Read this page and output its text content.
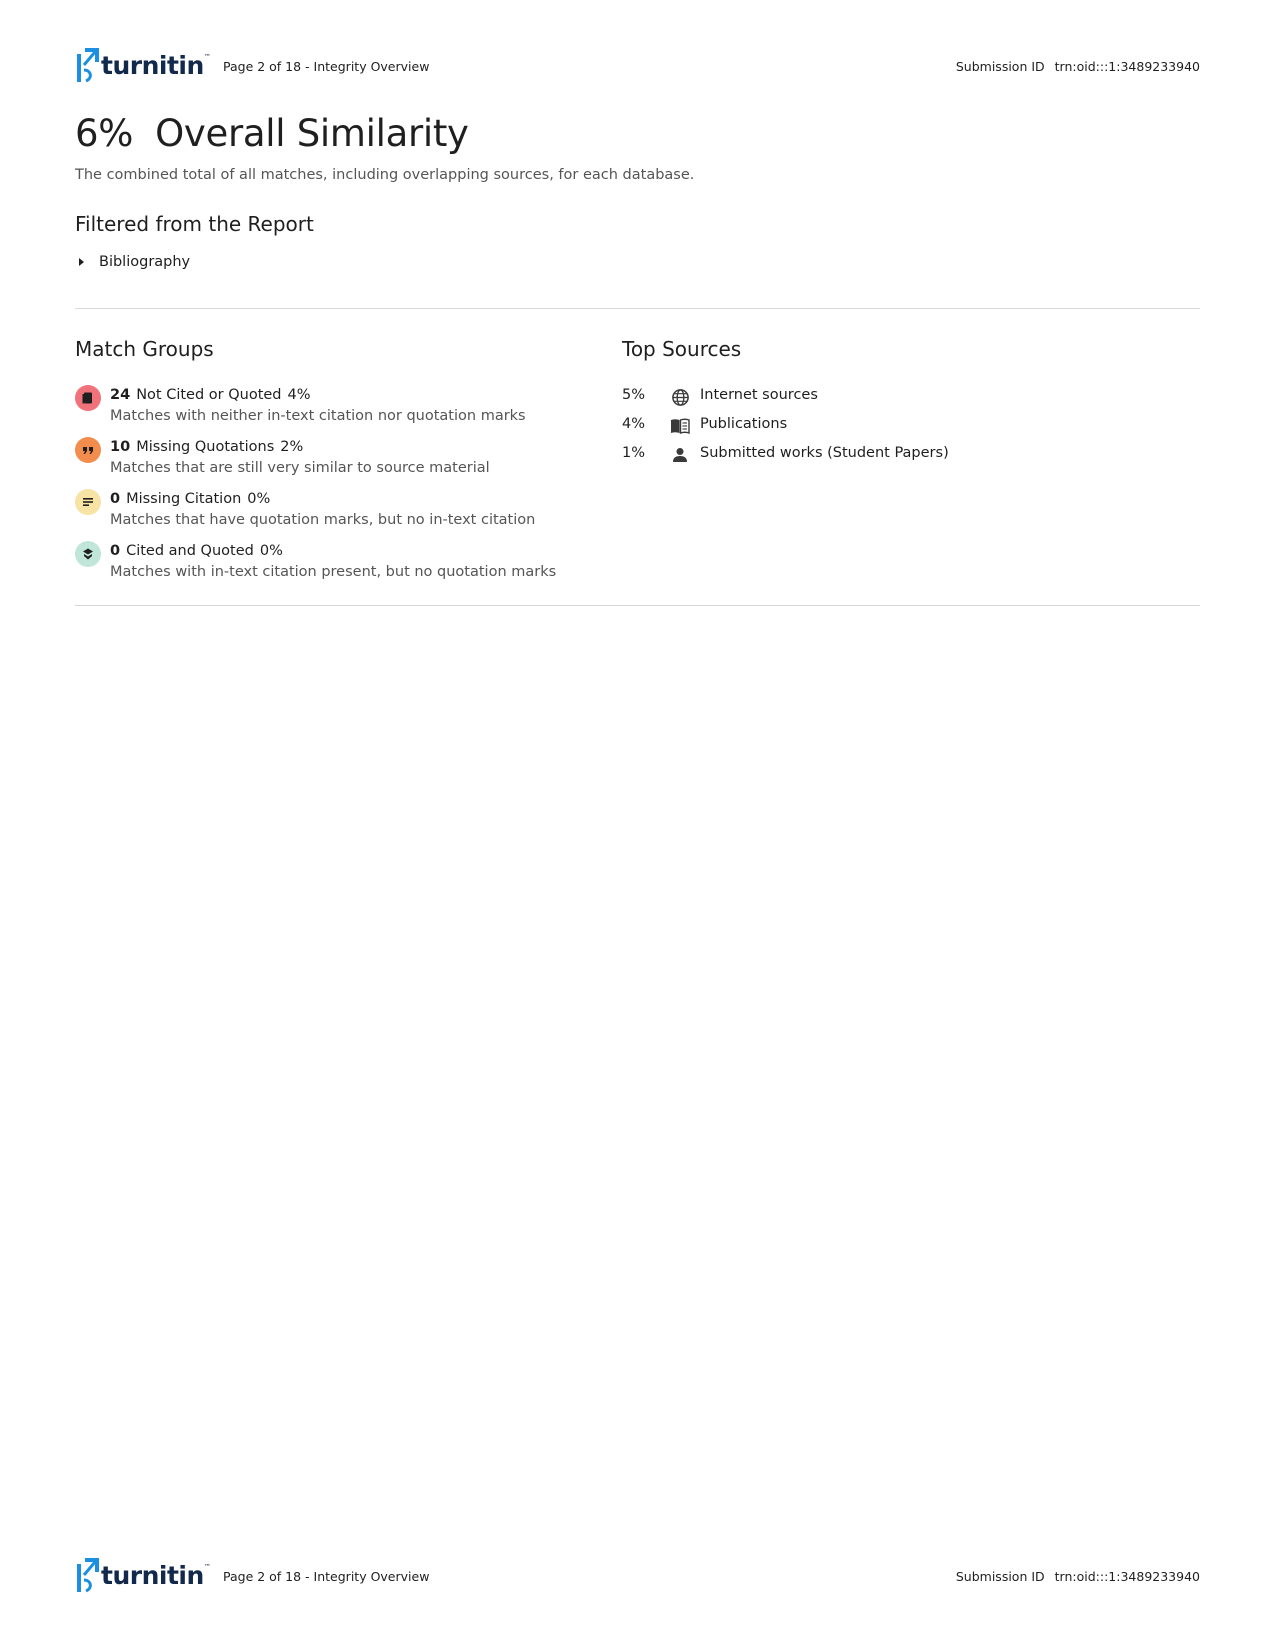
turnitin ™
Page 2 of 18 - Integrity Overview	Submission ID trn:oid:::1:3489233940
6% Overall Similarity
The combined total of all matches, including overlapping sources, for each database.
Filtered from the Report
Bibliography
Match Groups
24 Not Cited or Quoted 4%
Matches with neither in-text citation nor quotation marks
10 Missing Quotations 2%
Matches that are still very similar to source material
0 Missing Citation 0%
Matches that have quotation marks, but no in-text citation
0 Cited and Quoted 0%
Matches with in-text citation present, but no quotation marks
Top Sources
5%	Internet sources
4%	Publications
1%	Submitted works (Student Papers)
turnitin ™
Page 2 of 18 - Integrity Overview	Submission ID trn:oid:::1:3489233940
